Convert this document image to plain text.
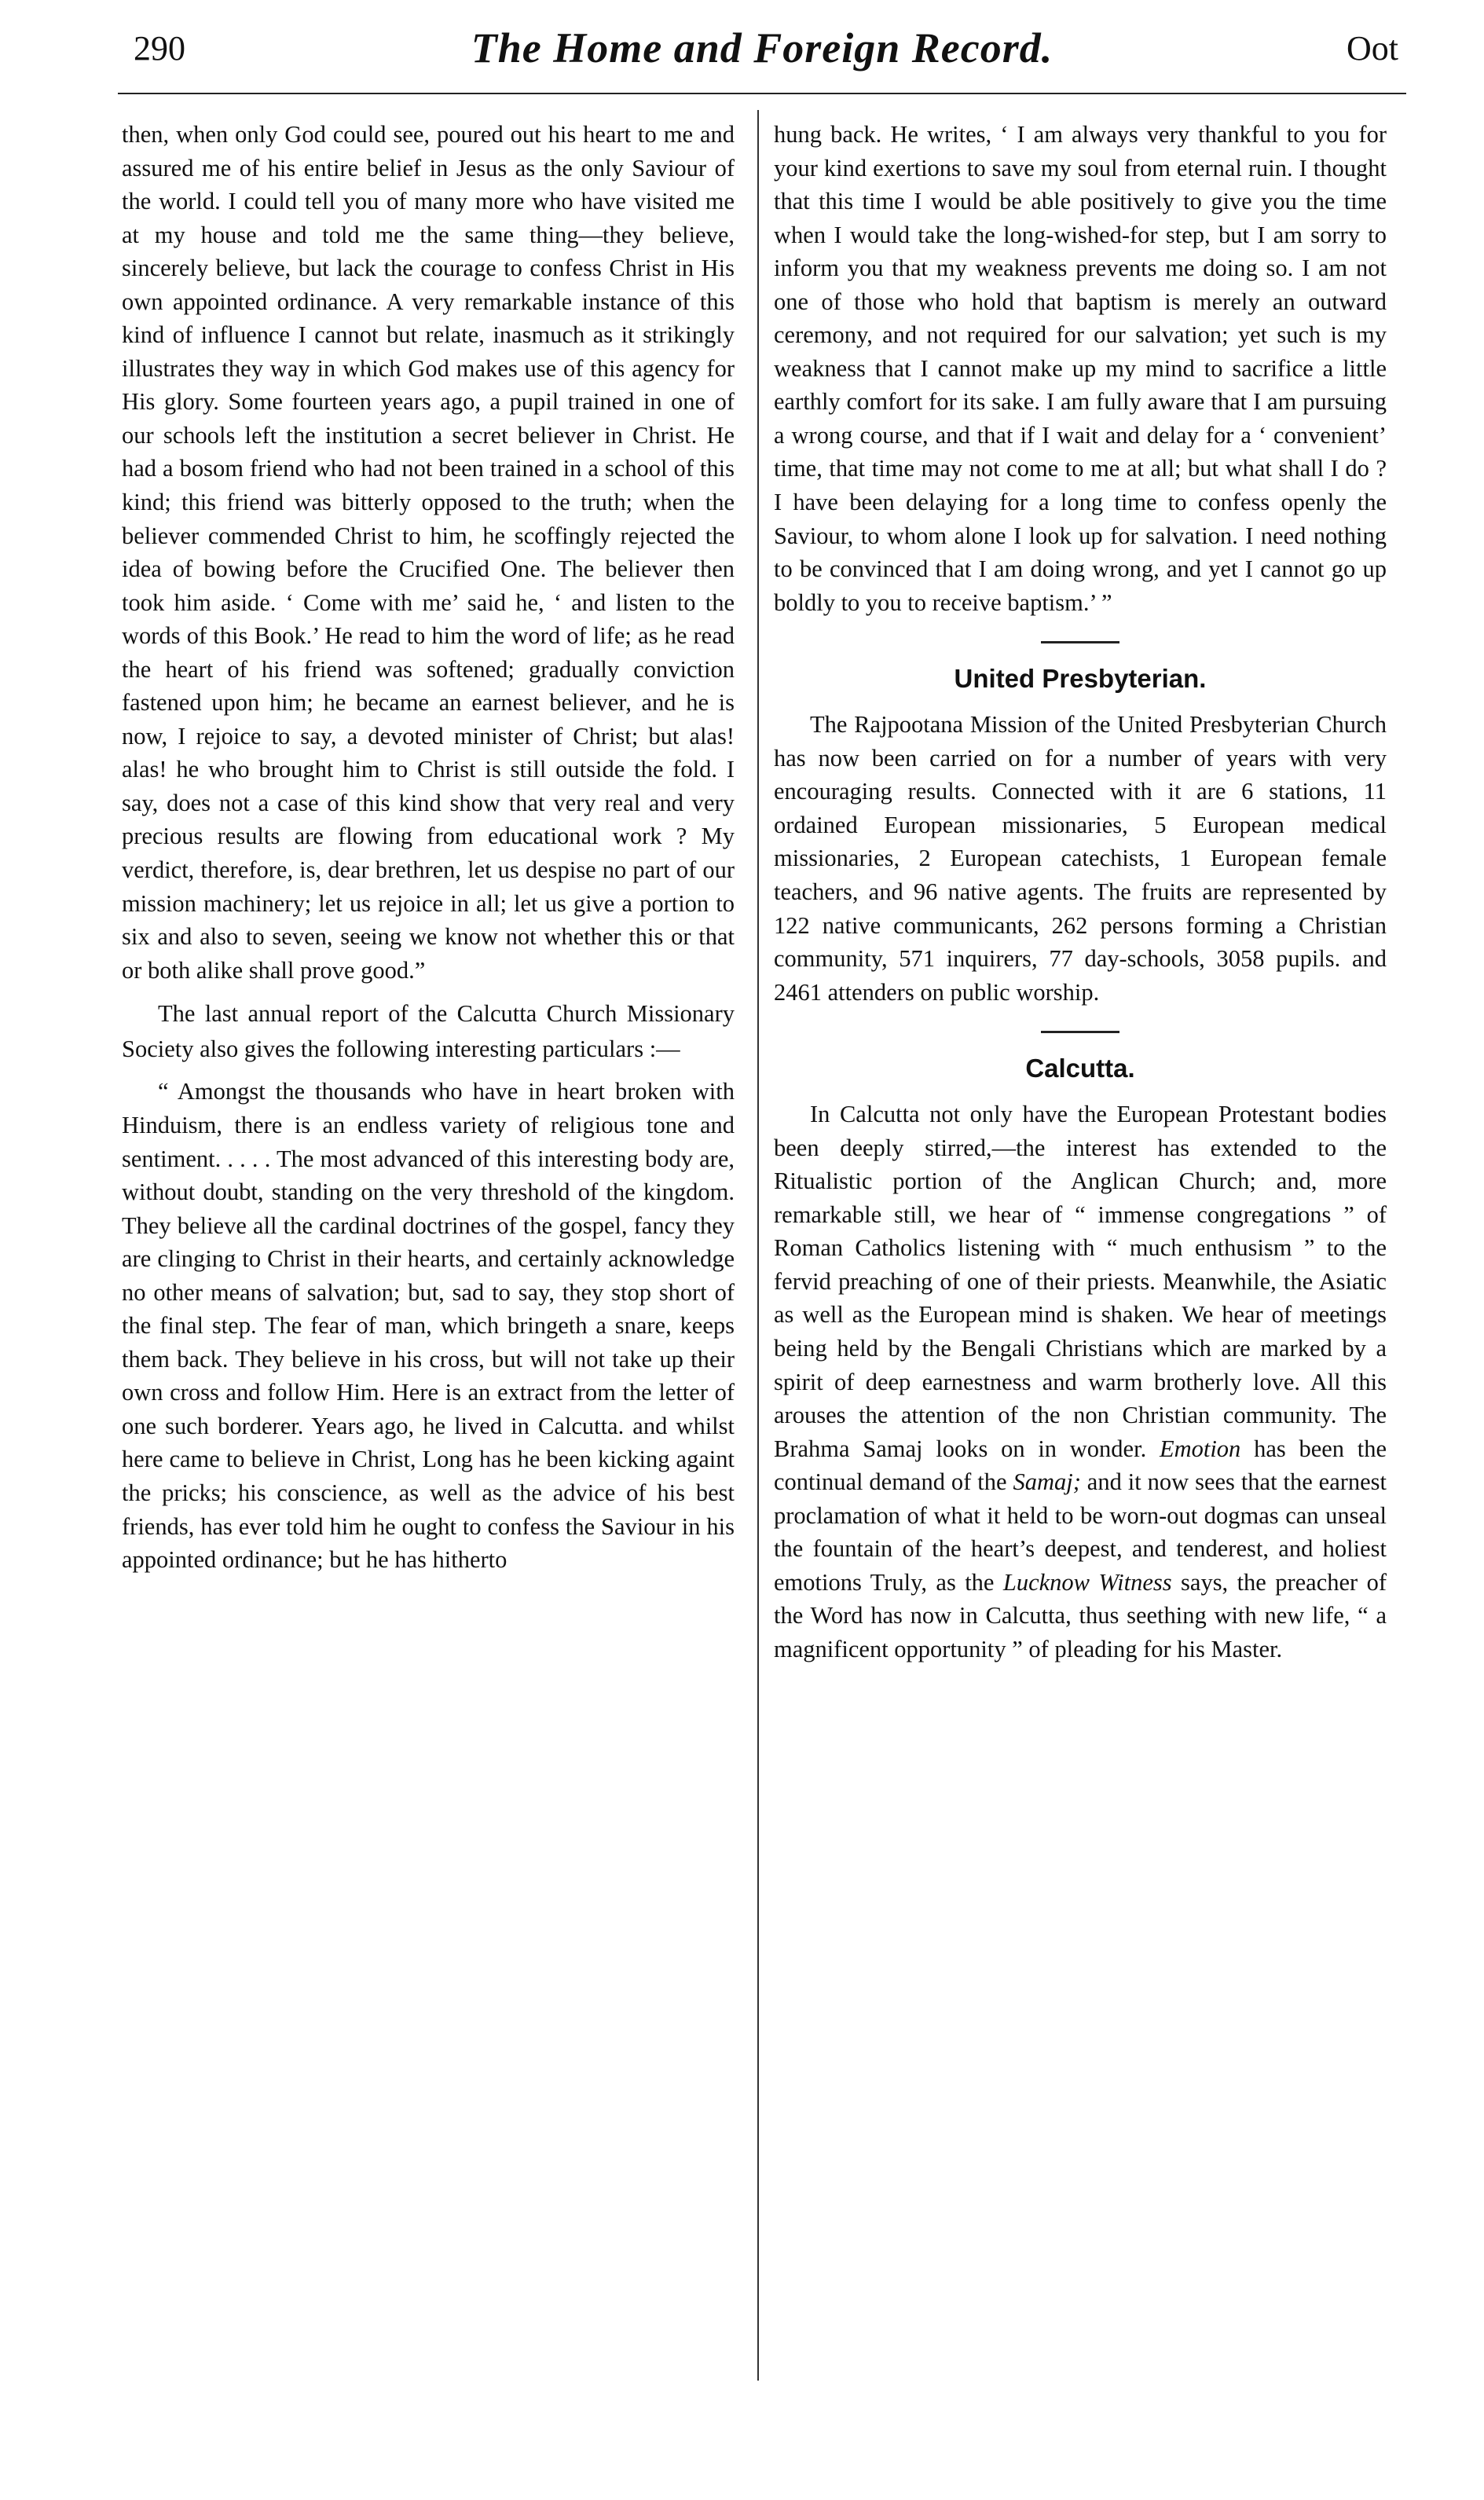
290	The Home and Foreign Record.	Oot

then, when only God could see, poured out his heart to me and assured me of his entire belief in Jesus as the only Saviour of the world. I could tell you of many more who have visited me at my house and told me the same thing—they believe, sincerely believe, but lack the courage to confess Christ in His own appointed ordinance. A very remarkable instance of this kind of influence I cannot but relate, inasmuch as it strikingly illustrates they way in which God makes use of this agency for His glory. Some fourteen years ago, a pupil trained in one of our schools left the institution a secret believer in Christ. He had a bosom friend who had not been trained in a school of this kind; this friend was bitterly opposed to the truth; when the believer commended Christ to him, he scoffingly rejected the idea of bowing before the Crucified One. The believer then took him aside. ‘ Come with me’ said he, ‘ and listen to the words of this Book.’ He read to him the word of life; as he read the heart of his friend was softened; gradually conviction fastened upon him; he became an earnest believer, and he is now, I rejoice to say, a devoted minister of Christ; but alas! alas! he who brought him to Christ is still outside the fold. I say, does not a case of this kind show that very real and very precious results are flowing from educational work ? My verdict, therefore, is, dear brethren, let us despise no part of our mission machinery; let us rejoice in all; let us give a portion to six and also to seven, seeing we know not whether this or that or both alike shall prove good.”

The last annual report of the Calcutta Church Missionary Society also gives the following interesting particulars :—

“ Amongst the thousands who have in heart broken with Hinduism, there is an endless variety of religious tone and sentiment. . . . . The most advanced of this interesting body are, without doubt, standing on the very threshold of the kingdom. They believe all the cardinal doctrines of the gospel, fancy they are clinging to Christ in their hearts, and certainly acknowledge no other means of salvation; but, sad to say, they stop short of the final step. The fear of man, which bringeth a snare, keeps them back. They believe in his cross, but will not take up their own cross and follow Him. Here is an extract from the letter of one such borderer. Years ago, he lived in Calcutta. and whilst here came to believe in Christ, Long has he been kicking againt the pricks; his conscience, as well as the advice of his best friends, has ever told him he ought to confess the Saviour in his appointed ordinance; but he has hitherto

hung back. He writes, ‘ I am always very thankful to you for your kind exertions to save my soul from eternal ruin. I thought that this time I would be able positively to give you the time when I would take the long-wished-for step, but I am sorry to inform you that my weakness prevents me doing so. I am not one of those who hold that baptism is merely an outward ceremony, and not required for our salvation; yet such is my weakness that I cannot make up my mind to sacrifice a little earthly comfort for its sake. I am fully aware that I am pursuing a wrong course, and that if I wait and delay for a ‘ convenient’ time, that time may not come to me at all; but what shall I do ? I have been delaying for a long time to confess openly the Saviour, to whom alone I look up for salvation. I need nothing to be convinced that I am doing wrong, and yet I cannot go up boldly to you to receive baptism.’ ”

United Presbyterian.

The Rajpootana Mission of the United Presbyterian Church has now been carried on for a number of years with very encouraging results. Connected with it are 6 stations, 11 ordained European missionaries, 5 European medical missionaries, 2 European catechists, 1 European female teachers, and 96 native agents. The fruits are represented by 122 native communicants, 262 persons forming a Christian community, 571 inquirers, 77 day-schools, 3058 pupils. and 2461 attenders on public worship.

Calcutta.

In Calcutta not only have the European Protestant bodies been deeply stirred,—the interest has extended to the Ritualistic portion of the Anglican Church; and, more remarkable still, we hear of “ immense congregations ” of Roman Catholics listening with “ much enthusism ” to the fervid preaching of one of their priests. Meanwhile, the Asiatic as well as the European mind is shaken. We hear of meetings being held by the Bengali Christians which are marked by a spirit of deep earnestness and warm brotherly love. All this arouses the attention of the non Christian community. The Brahma Samaj looks on in wonder. Emotion has been the continual demand of the Samaj; and it now sees that the earnest proclamation of what it held to be worn-out dogmas can unseal the fountain of the heart’s deepest, and tenderest, and holiest emotions Truly, as the Lucknow Witness says, the preacher of the Word has now in Calcutta, thus seething with new life, “ a magnificent opportunity ” of pleading for his Master.
